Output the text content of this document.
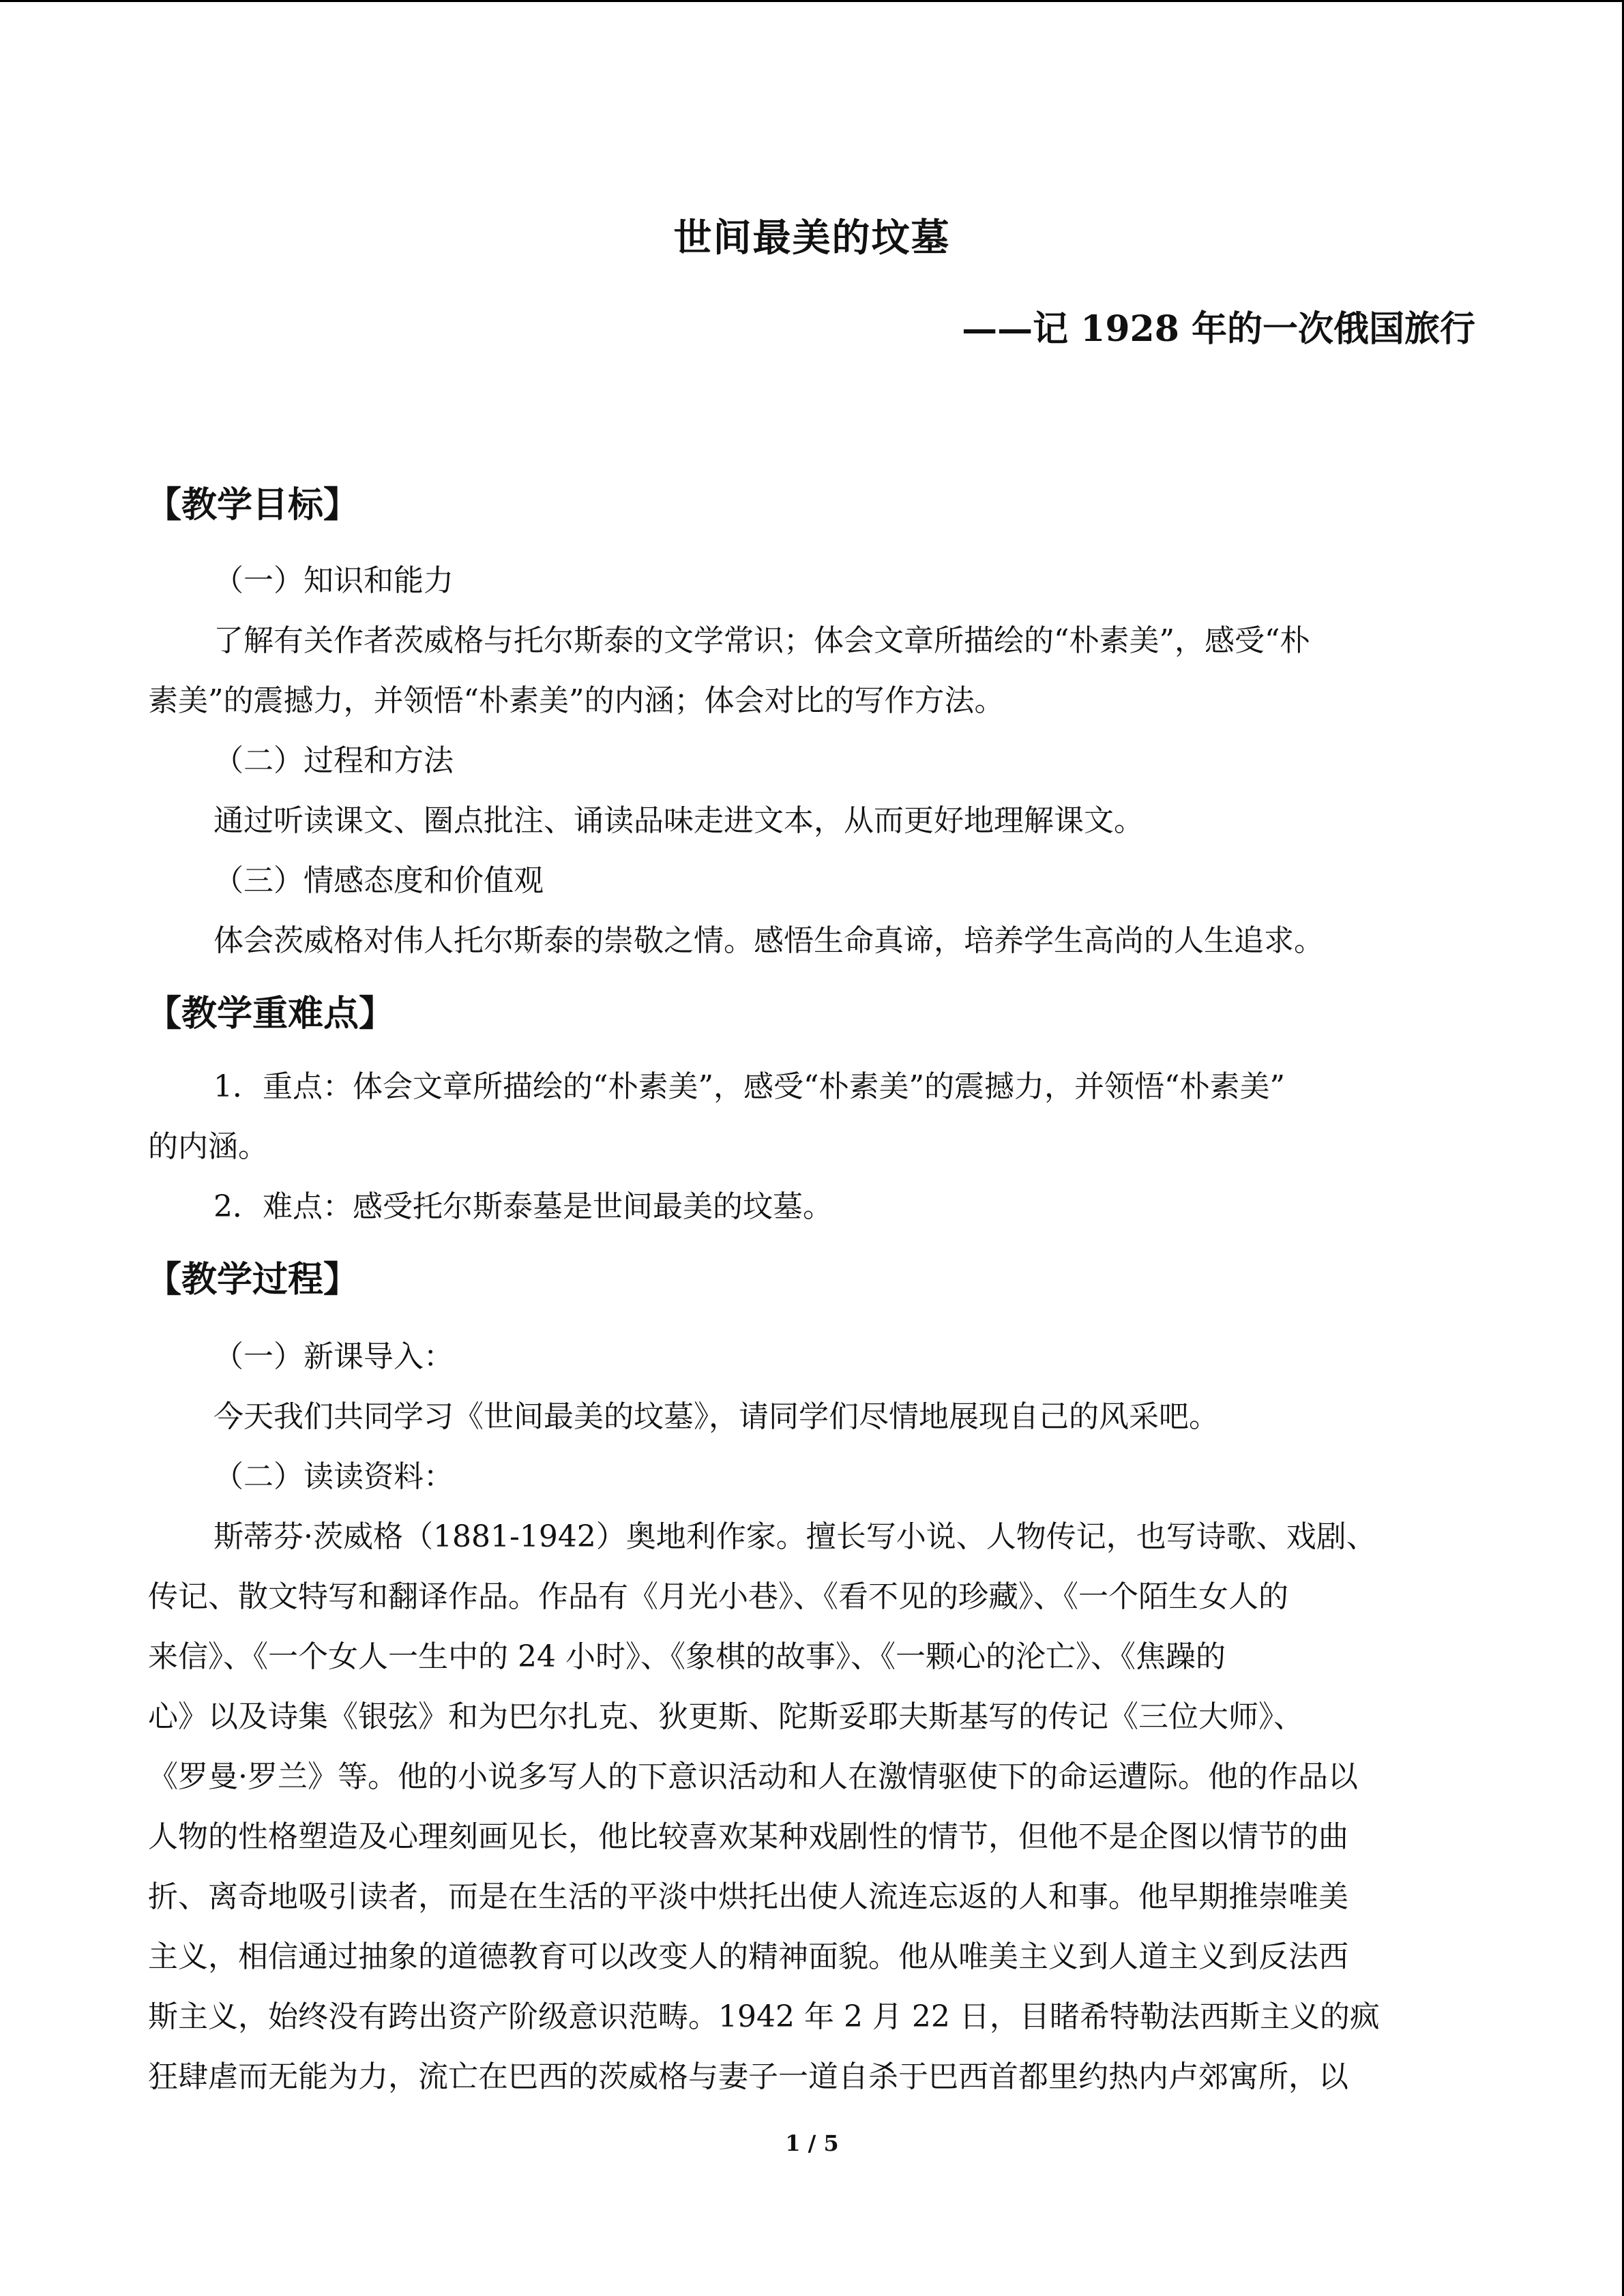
世间最美的坟墓
——记 1928 年的一次俄国旅行
【教学目标】
（一）知识和能力
了解有关作者茨威格与托尔斯泰的文学常识；体会文章所描绘的“朴素美”，感受“朴
素美”的震撼力，并领悟“朴素美”的内涵；体会对比的写作方法。
（二）过程和方法
通过听读课文、圈点批注、诵读品味走进文本，从而更好地理解课文。
（三）情感态度和价值观
体会茨威格对伟人托尔斯泰的崇敬之情。感悟生命真谛，培养学生高尚的人生追求。
【教学重难点】
1．重点：体会文章所描绘的“朴素美”，感受“朴素美”的震撼力，并领悟“朴素美”
的内涵。
2．难点：感受托尔斯泰墓是世间最美的坟墓。
【教学过程】
（一）新课导入：
今天我们共同学习《世间最美的坟墓》，请同学们尽情地展现自己的风采吧。
（二）读读资料：
斯蒂芬·茨威格（1881-1942）奥地利作家。擅长写小说、人物传记，也写诗歌、戏剧、
传记、散文特写和翻译作品。作品有《月光小巷》、《看不见的珍藏》、《一个陌生女人的
来信》、《一个女人一生中的 24 小时》、《象棋的故事》、《一颗心的沦亡》、《焦躁的
心》以及诗集《银弦》和为巴尔扎克、狄更斯、陀斯妥耶夫斯基写的传记《三位大师》、
《罗曼·罗兰》等。他的小说多写人的下意识活动和人在激情驱使下的命运遭际。他的作品以
人物的性格塑造及心理刻画见长，他比较喜欢某种戏剧性的情节，但他不是企图以情节的曲
折、离奇地吸引读者，而是在生活的平淡中烘托出使人流连忘返的人和事。他早期推崇唯美
主义，相信通过抽象的道德教育可以改变人的精神面貌。他从唯美主义到人道主义到反法西
斯主义，始终没有跨出资产阶级意识范畴。1942 年 2 月 22 日，目睹希特勒法西斯主义的疯
狂肆虐而无能为力，流亡在巴西的茨威格与妻子一道自杀于巴西首都里约热内卢郊寓所，以
1 / 5
